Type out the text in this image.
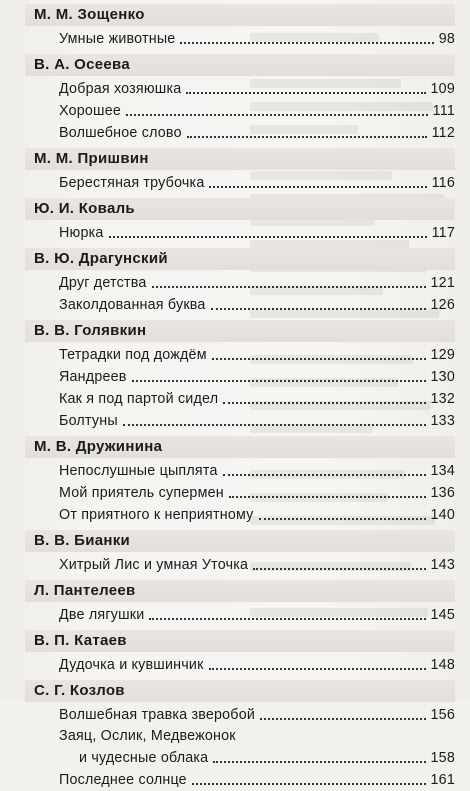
М. М. Зощенко
Умные животные	98
В. А. Осеева
Добрая хозяюшка	109
Хорошее	111
Волшебное слово	112
М. М. Пришвин
Берестяная трубочка	116
Ю. И. Коваль
Нюрка	117
В. Ю. Драгунский
Друг детства	121
Заколдованная буква	126
В. В. Голявкин
Тетрадки под дождём	129
Яандреев	130
Как я под партой сидел	132
Болтуны	133
М. В. Дружинина
Непослушные цыплята	134
Мой приятель супермен	136
От приятного к неприятному	140
В. В. Бианки
Хитрый Лис и умная Уточка	143
Л. Пантелеев
Две лягушки	145
В. П. Катаев
Дудочка и кувшинчик	148
С. Г. Козлов
Волшебная травка зверобой	156
Заяц, Ослик, Медвежонок
и чудесные облака	158
Последнее солнце	161
